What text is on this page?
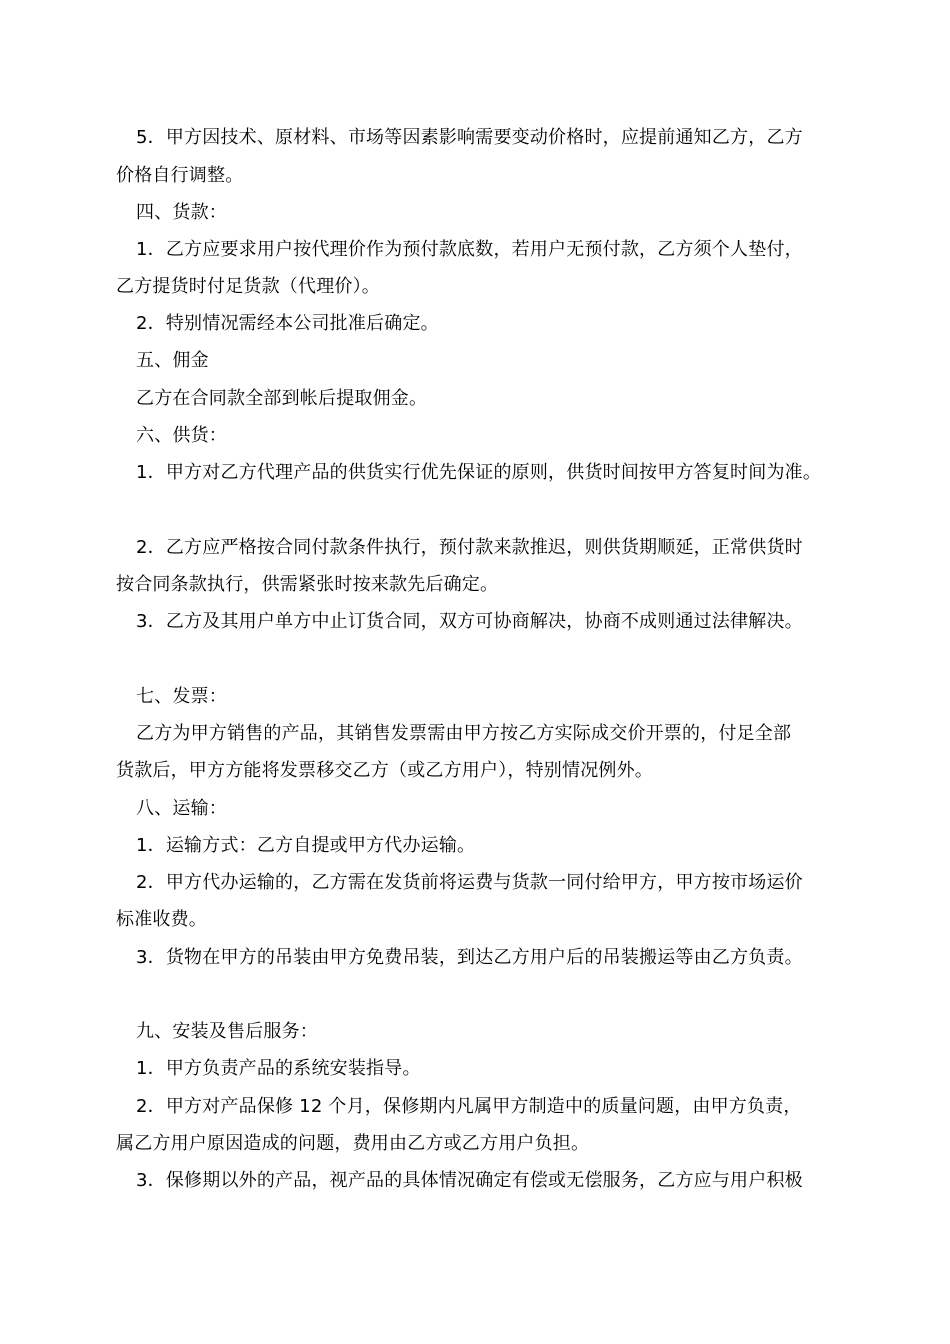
5．甲方因技术、原材料、市场等因素影响需要变动价格时，应提前通知乙方，乙方
价格自行调整。
四、货款：
1．乙方应要求用户按代理价作为预付款底数，若用户无预付款，乙方须个人垫付，
乙方提货时付足货款（代理价）。
2．特别情况需经本公司批准后确定。
五、佣金
乙方在合同款全部到帐后提取佣金。
六、供货：
1．甲方对乙方代理产品的供货实行优先保证的原则，供货时间按甲方答复时间为准。
2．乙方应严格按合同付款条件执行，预付款来款推迟，则供货期顺延，正常供货时
按合同条款执行，供需紧张时按来款先后确定。
3．乙方及其用户单方中止订货合同，双方可协商解决，协商不成则通过法律解决。
七、发票：
乙方为甲方销售的产品，其销售发票需由甲方按乙方实际成交价开票的，付足全部
货款后，甲方方能将发票移交乙方（或乙方用户），特别情况例外。
八、运输：
1．运输方式：乙方自提或甲方代办运输。
2．甲方代办运输的，乙方需在发货前将运费与货款一同付给甲方，甲方按市场运价
标准收费。
3．货物在甲方的吊装由甲方免费吊装，到达乙方用户后的吊装搬运等由乙方负责。
九、安装及售后服务：
1．甲方负责产品的系统安装指导。
2．甲方对产品保修 12 个月，保修期内凡属甲方制造中的质量问题，由甲方负责，
属乙方用户原因造成的问题，费用由乙方或乙方用户负担。
3．保修期以外的产品，视产品的具体情况确定有偿或无偿服务，乙方应与用户积极
